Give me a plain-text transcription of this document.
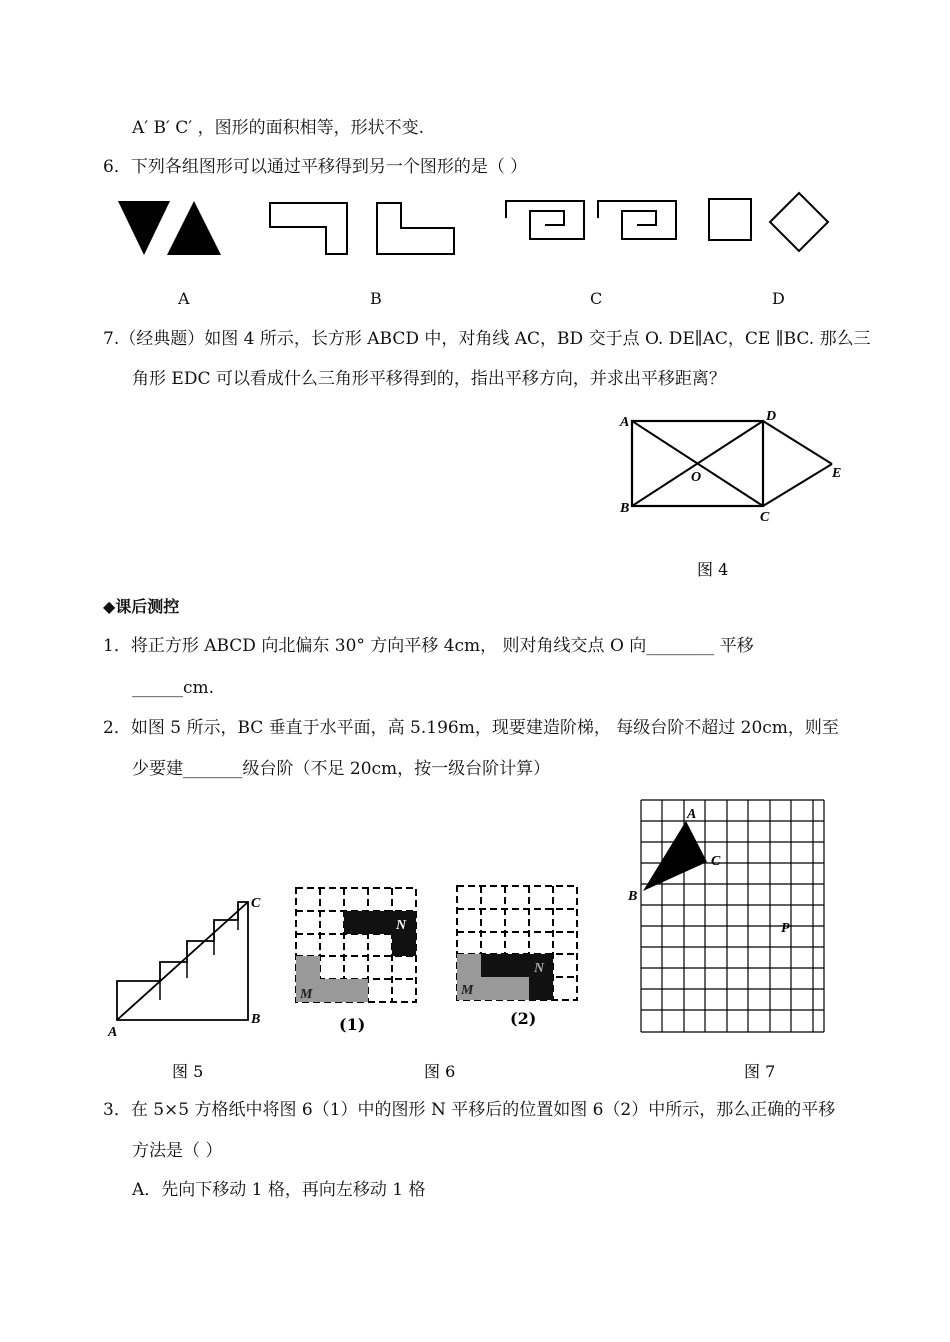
A′ B′ C′ ，图形的面积相等，形状不变.
6．下列各组图形可以通过平移得到另一个图形的是（ ）
A	B	C	D
7.（经典题）如图 4 所示，长方形 ABCD 中，对角线 AC，BD 交于点 O. DE∥AC，CE ∥BC. 那么三
角形 EDC 可以看成什么三角形平移得到的，指出平移方向，并求出平移距离？
A
B
C
D
E
O
图 4
◆课后测控
1．将正方形 ABCD 向北偏东 30° 方向平移 4cm， 则对角线交点 O 向________ 平移
______cm.
2．如图 5 所示，BC 垂直于水平面，高 5.196m，现要建造阶梯， 每级台阶不超过 20cm，则至
少要建_______级台阶（不足 20cm，按一级台阶计算）
A
B
C
图 5
N
M
(1)
N
M
(2)
图 6
A
B
C
P
图 7
3．在 5×5 方格纸中将图 6（1）中的图形 N 平移后的位置如图 6（2）中所示，那么正确的平移
方法是（ ）
A．先向下移动 1 格，再向左移动 1 格
